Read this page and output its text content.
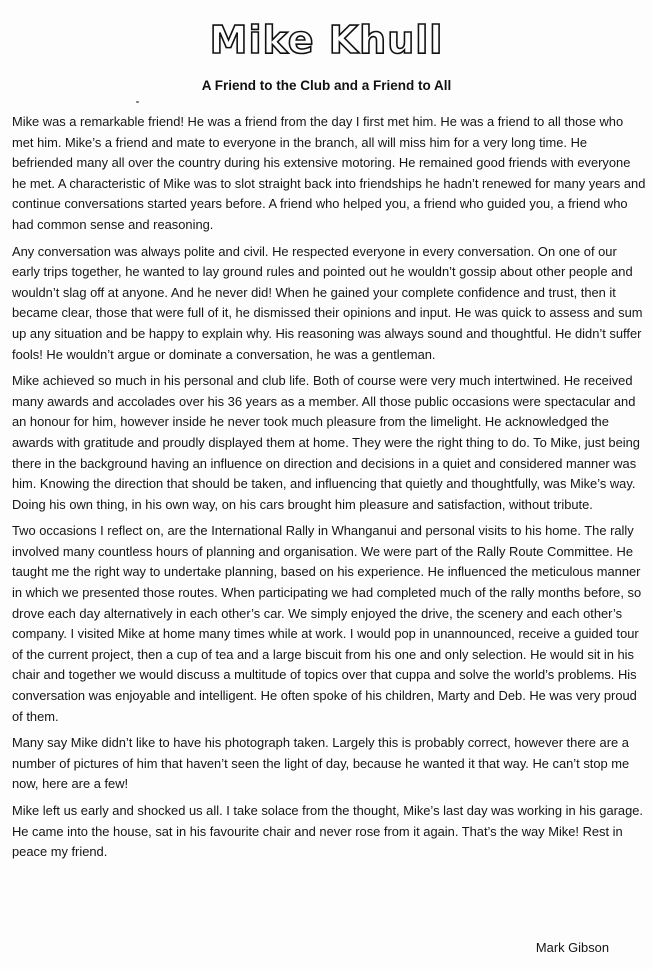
Mike Khull
A Friend to the Club and a Friend to All

Mike was a remarkable friend! He was a friend from the day I first met him. He was a friend to all those who met him. Mike’s a friend and mate to everyone in the branch, all will miss him for a very long time. He befriended many all over the country during his extensive motoring. He remained good friends with everyone he met. A characteristic of Mike was to slot straight back into friendships he hadn’t renewed for many years and continue conversations started years before. A friend who helped you, a friend who guided you, a friend who had common sense and reasoning.

Any conversation was always polite and civil. He respected everyone in every conversation. On one of our early trips together, he wanted to lay ground rules and pointed out he wouldn’t gossip about other people and wouldn’t slag off at anyone. And he never did! When he gained your complete confidence and trust, then it became clear, those that were full of it, he dismissed their opinions and input. He was quick to assess and sum up any situation and be happy to explain why. His reasoning was always sound and thoughtful. He didn’t suffer fools! He wouldn’t argue or dominate a conversation, he was a gentleman.

Mike achieved so much in his personal and club life. Both of course were very much intertwined. He received many awards and accolades over his 36 years as a member. All those public occasions were spectacular and an honour for him, however inside he never took much pleasure from the limelight. He acknowledged the awards with gratitude and proudly displayed them at home. They were the right thing to do. To Mike, just being there in the background having an influence on direction and decisions in a quiet and considered manner was him. Knowing the direction that should be taken, and influencing that quietly and thoughtfully, was Mike’s way. Doing his own thing, in his own way, on his cars brought him pleasure and satisfaction, without tribute.

Two occasions I reflect on, are the International Rally in Whanganui and personal visits to his home. The rally involved many countless hours of planning and organisation. We were part of the Rally Route Committee. He taught me the right way to undertake planning, based on his experience. He influenced the meticulous manner in which we presented those routes. When participating we had completed much of the rally months before, so drove each day alternatively in each other’s car. We simply enjoyed the drive, the scenery and each other’s company. I visited Mike at home many times while at work. I would pop in unannounced, receive a guided tour of the current project, then a cup of tea and a large biscuit from his one and only selection. He would sit in his chair and together we would discuss a multitude of topics over that cuppa and solve the world’s problems. His conversation was enjoyable and intelligent. He often spoke of his children, Marty and Deb. He was very proud of them.

Many say Mike didn’t like to have his photograph taken. Largely this is probably correct, however there are a number of pictures of him that haven’t seen the light of day, because he wanted it that way. He can’t stop me now, here are a few!

Mike left us early and shocked us all. I take solace from the thought, Mike’s last day was working in his garage. He came into the house, sat in his favourite chair and never rose from it again. That’s the way Mike! Rest in peace my friend.

Mark Gibson
